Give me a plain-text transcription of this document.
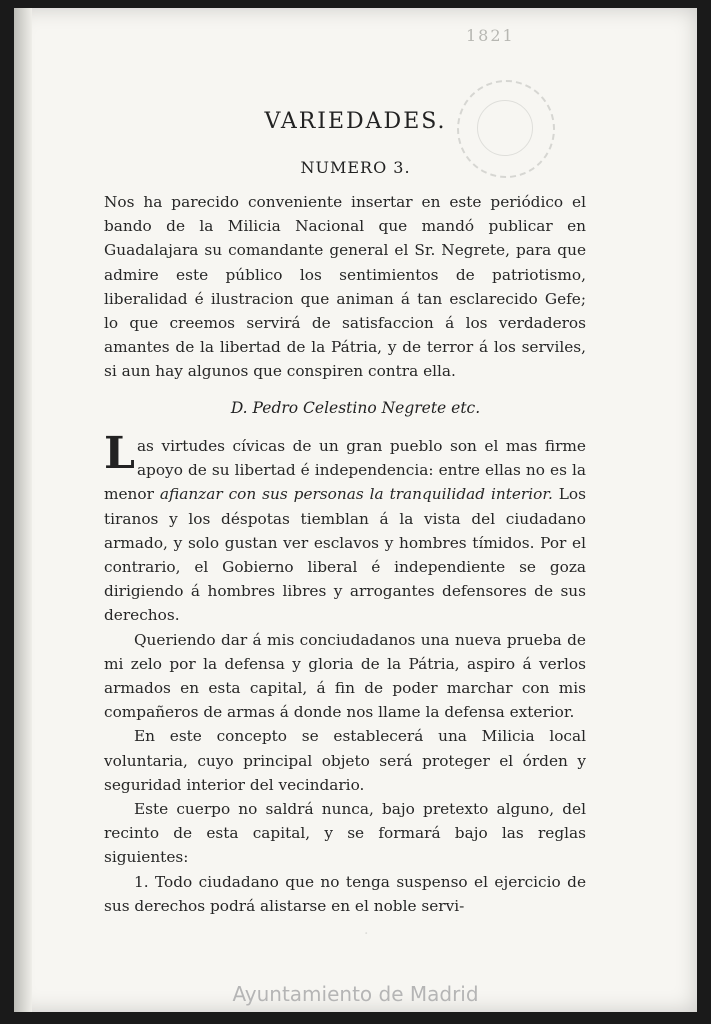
1821
VARIEDADES.
NUMERO 3.
Nos ha parecido conveniente insertar en este periódico el bando de la Milicia Nacional que mandó publicar en Guadalajara su comandante general el Sr. Negrete, para que admire este público los sentimientos de patriotismo, liberalidad é ilustracion que animan á tan esclarecido Gefe; lo que creemos servirá de satisfaccion á los verdaderos amantes de la libertad de la Pátria, y de terror á los serviles, si aun hay algunos que conspiren contra ella.
D. Pedro Celestino Negrete etc.

Las virtudes cívicas de un gran pueblo son el mas firme apoyo de su libertad é independencia: entre ellas no es la menor afianzar con sus personas la tranquilidad interior. Los tiranos y los déspotas tiemblan á la vista del ciudadano armado, y solo gustan ver esclavos y hombres tímidos. Por el contrario, el Gobierno liberal é independiente se goza dirigiendo á hombres libres y arrogantes defensores de sus derechos.

Queriendo dar á mis conciudadanos una nueva prueba de mi zelo por la defensa y gloria de la Pátria, aspiro á verlos armados en esta capital, á fin de poder marchar con mis compañeros de armas á donde nos llame la defensa exterior.

En este concepto se establecerá una Milicia local voluntaria, cuyo principal objeto será proteger el órden y seguridad interior del vecindario.

Este cuerpo no saldrá nunca, bajo pretexto alguno, del recinto de esta capital, y se formará bajo las reglas siguientes:

1. Todo ciudadano que no tenga suspenso el ejercicio de sus derechos podrá alistarse en el noble servi-

·
Ayuntamiento de Madrid
